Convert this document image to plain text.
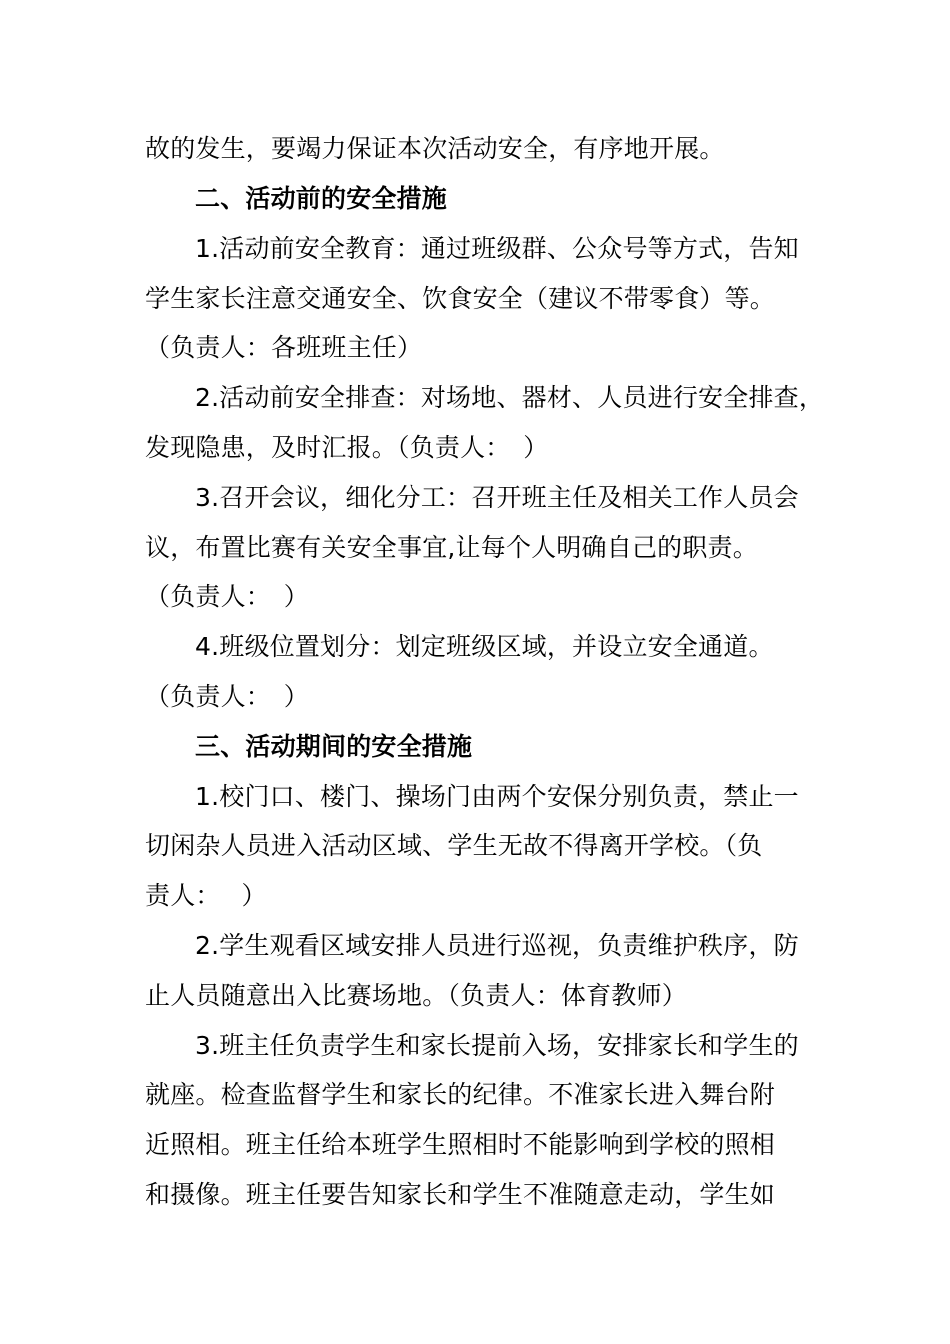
故的发生，要竭力保证本次活动安全，有序地开展。
二、活动前的安全措施
1.活动前安全教育：通过班级群、公众号等方式，告知
学生家长注意交通安全、饮食安全（建议不带零食）等。
（负责人：各班班主任）
2.活动前安全排查：对场地、器材、人员进行安全排查，
发现隐患，及时汇报。（负责人：　）
3.召开会议，细化分工：召开班主任及相关工作人员会
议，布置比赛有关安全事宜,让每个人明确自己的职责。
（负责人：　）
4.班级位置划分：划定班级区域，并设立安全通道。
（负责人：　）
三、活动期间的安全措施
1.校门口、楼门、操场门由两个安保分别负责，禁止一
切闲杂人员进入活动区域、学生无故不得离开学校。（负
责人：　 ）
2.学生观看区域安排人员进行巡视，负责维护秩序，防
止人员随意出入比赛场地。（负责人：体育教师）
3.班主任负责学生和家长提前入场，安排家长和学生的
就座。检查监督学生和家长的纪律。不准家长进入舞台附
近照相。班主任给本班学生照相时不能影响到学校的照相
和摄像。班主任要告知家长和学生不准随意走动，学生如
